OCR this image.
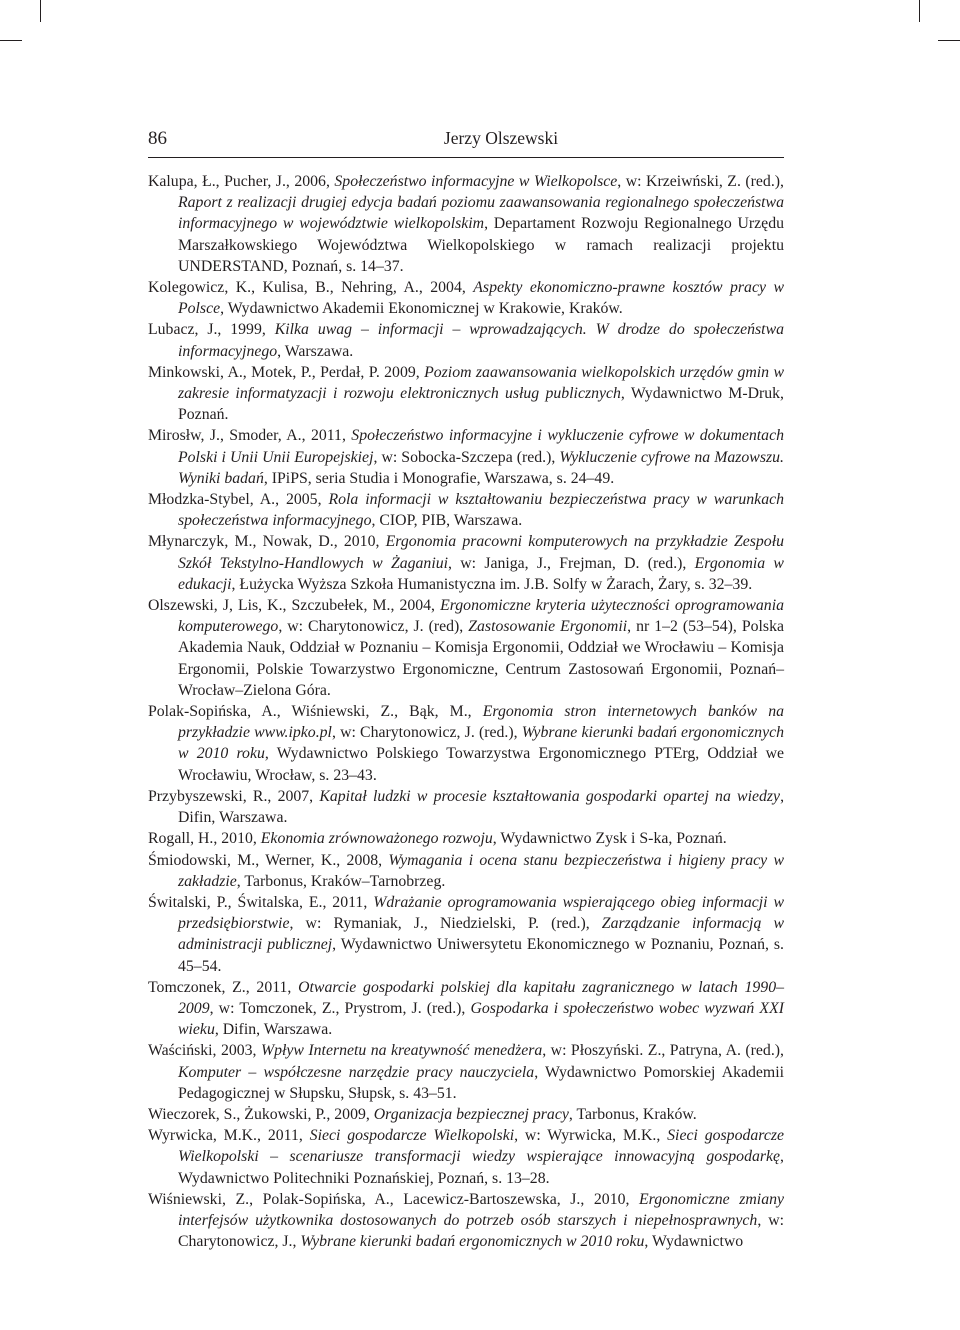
86	Jerzy Olszewski

Kalupa, Ł., Pucher, J., 2006, Społeczeństwo informacyjne w Wielkopolsce, w: Krzeiwński, Z. (red.), Raport z realizacji drugiej edycja badań poziomu zaawansowania regionalnego społeczeństwa informacyjnego w województwie wielkopolskim, Departament Rozwoju Regionalnego Urzędu Marszałkowskiego Województwa Wielkopolskiego w ramach realizacji projektu UNDERSTAND, Poznań, s. 14–37.

Kolegowicz, K., Kulisa, B., Nehring, A., 2004, Aspekty ekonomiczno-prawne kosztów pracy w Polsce, Wydawnictwo Akademii Ekonomicznej w Krakowie, Kraków.

Lubacz, J., 1999, Kilka uwag – informacji – wprowadzających. W drodze do społeczeństwa informacyjnego, Warszawa.

Minkowski, A., Motek, P., Perdał, P. 2009, Poziom zaawansowania wielkopolskich urzędów gmin w zakresie informatyzacji i rozwoju elektronicznych usług publicznych, Wydawnictwo M-Druk, Poznań.

Mirosłw, J., Smoder, A., 2011, Społeczeństwo informacyjne i wykluczenie cyfrowe w dokumentach Polski i Unii Unii Europejskiej, w: Sobocka-Szczepa (red.), Wykluczenie cyfrowe na Mazowszu. Wyniki badań, IPiPS, seria Studia i Monografie, Warszawa, s. 24–49.

Młodzka-Stybel, A., 2005, Rola informacji w kształtowaniu bezpieczeństwa pracy w warunkach społeczeństwa informacyjnego, CIOP, PIB, Warszawa.

Młynarczyk, M., Nowak, D., 2010, Ergonomia pracowni komputerowych na przykładzie Zespołu Szkół Tekstylno-Handlowych w Żaganiui, w: Janiga, J., Frejman, D. (red.), Ergonomia w edukacji, Łużycka Wyższa Szkoła Humanistyczna im. J.B. Solfy w Żarach, Żary, s. 32–39.

Olszewski, J, Lis, K., Szczubełek, M., 2004, Ergonomiczne kryteria użyteczności oprogramowania komputerowego, w: Charytonowicz, J. (red), Zastosowanie Ergonomii, nr 1–2 (53–54), Polska Akademia Nauk, Oddział w Poznaniu – Komisja Ergonomii, Oddział we Wrocławiu – Komisja Ergonomii, Polskie Towarzystwo Ergonomiczne, Centrum Zastosowań Ergonomii, Poznań–Wrocław–Zielona Góra.

Polak-Sopińska, A., Wiśniewski, Z., Bąk, M., Ergonomia stron internetowych banków na przykładzie www.ipko.pl, w: Charytonowicz, J. (red.), Wybrane kierunki badań ergonomicznych w 2010 roku, Wydawnictwo Polskiego Towarzystwa Ergonomicznego PTErg, Oddział we Wrocławiu, Wrocław, s. 23–43.

Przybyszewski, R., 2007, Kapitał ludzki w procesie kształtowania gospodarki opartej na wiedzy, Difin, Warszawa.

Rogall, H., 2010, Ekonomia zrównoważonego rozwoju, Wydawnictwo Zysk i S-ka, Poznań.

Śmiodowski, M., Werner, K., 2008, Wymagania i ocena stanu bezpieczeństwa i higieny pracy w zakładzie, Tarbonus, Kraków–Tarnobrzeg.

Świtalski, P., Świtalska, E., 2011, Wdrażanie oprogramowania wspierającego obieg informacji w przedsiębiorstwie, w: Rymaniak, J., Niedzielski, P. (red.), Zarządzanie informacją w administracji publicznej, Wydawnictwo Uniwersytetu Ekonomicznego w Poznaniu, Poznań, s. 45–54.

Tomczonek, Z., 2011, Otwarcie gospodarki polskiej dla kapitału zagranicznego w latach 1990–2009, w: Tomczonek, Z., Prystrom, J. (red.), Gospodarka i społeczeństwo wobec wyzwań XXI wieku, Difin, Warszawa.

Waściński, 2003, Wpływ Internetu na kreatywność menedżera, w: Płoszyński. Z., Patryna, A. (red.), Komputer – współczesne narzędzie pracy nauczyciela, Wydawnictwo Pomorskiej Akademii Pedagogicznej w Słupsku, Słupsk, s. 43–51.

Wieczorek, S., Żukowski, P., 2009, Organizacja bezpiecznej pracy, Tarbonus, Kraków.

Wyrwicka, M.K., 2011, Sieci gospodarcze Wielkopolski, w: Wyrwicka, M.K., Sieci gospodarcze Wielkopolski – scenariusze transformacji wiedzy wspierające innowacyjną gospodarkę, Wydawnictwo Politechniki Poznańskiej, Poznań, s. 13–28.

Wiśniewski, Z., Polak-Sopińska, A., Lacewicz-Bartoszewska, J., 2010, Ergonomiczne zmiany interfejsów użytkownika dostosowanych do potrzeb osób starszych i niepełnosprawnych, w: Charytonowicz, J., Wybrane kierunki badań ergonomicznych w 2010 roku, Wydawnictwo
